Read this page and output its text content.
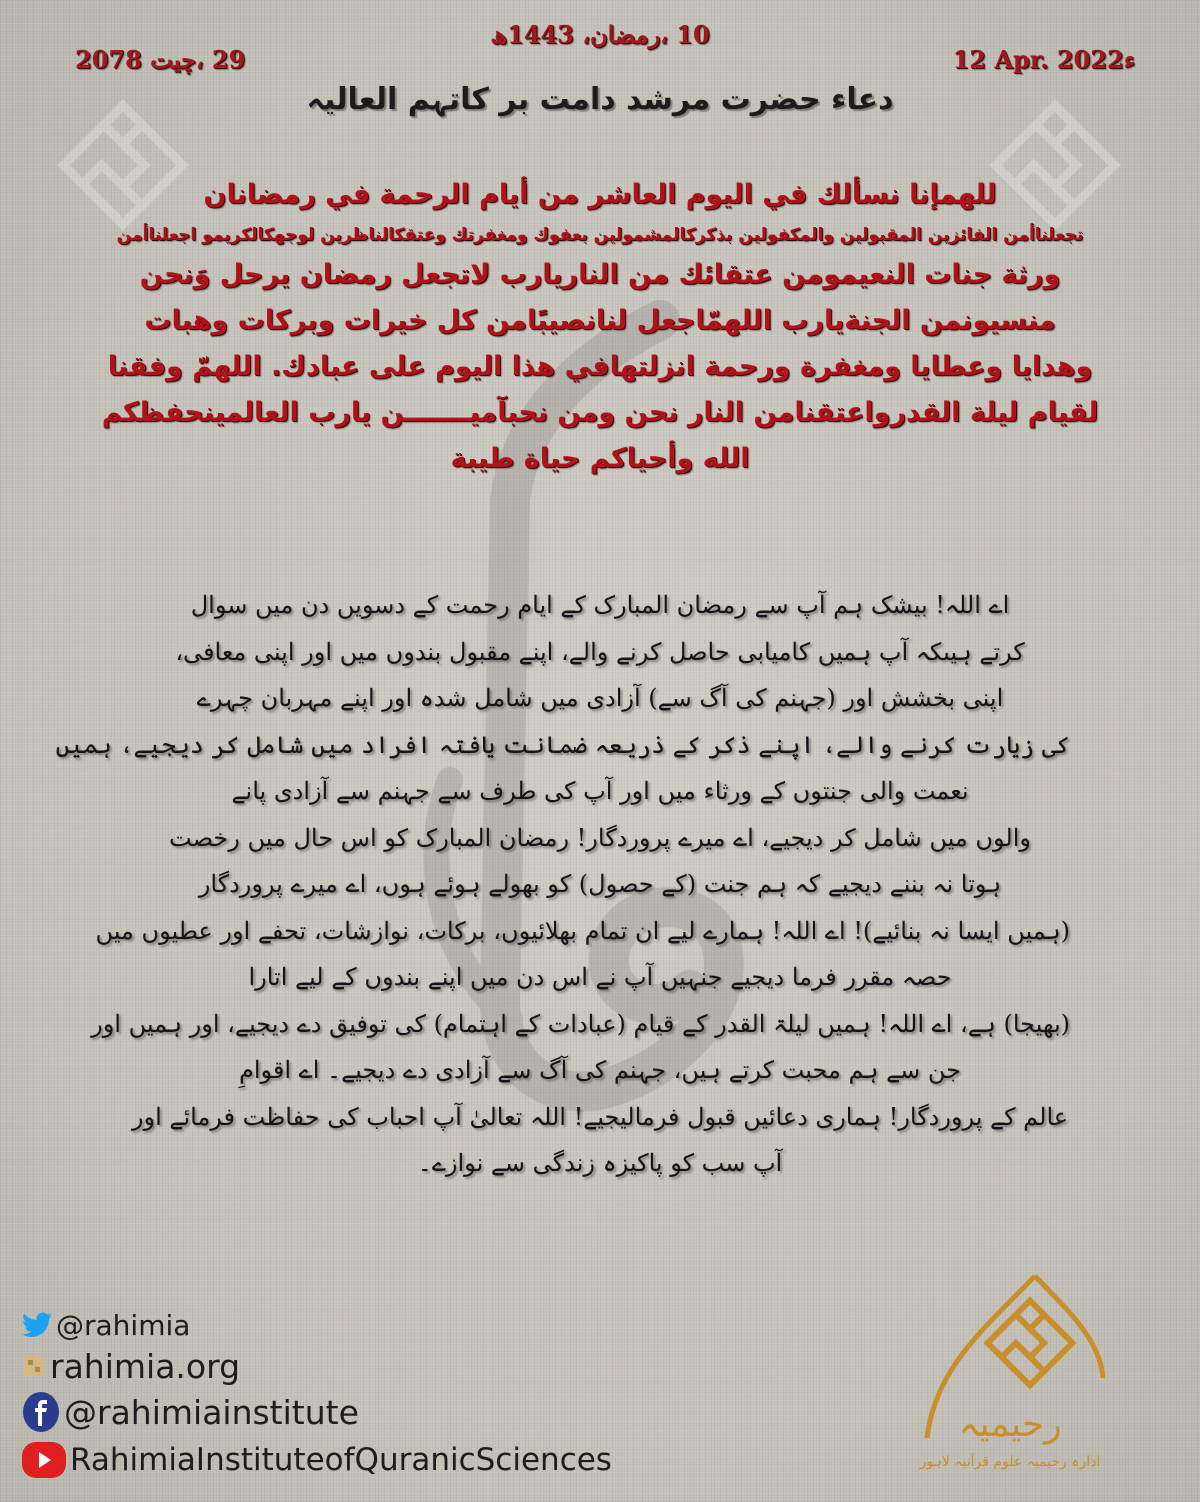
10 ،رمضان، 1443ھ
29 ،چیت 2078	12 Apr. 2022ء
دعاء حضرت مرشد دامت بر کاتہم العالیہ
للهمإنا نسألك في اليوم العاشر من أيام الرحمة في رمضانان
تجعلناأمن الفائزين المقبولين والمكفولين بذكركالمشمولين بعفوك ومغفرتك وعتقكالناظرين لوجهكالكريمو اجعلناأمن
ورثة جنات النعيمومن عتقائك من الناريارب لاتجعل رمضان يرحل وَنحن
منسيونمن الجنةيارب اللهمّاجعل لنانصيبًامن كل خيرات وبركات وهبات
وهدايا وعطايا ومغفرة ورحمة انزلتهافي هذا اليوم على عبادك. اللهمّ وفقنا
لقيام ليلة القدرواعتقنامن النار نحن ومن نحبآميـــــــن يارب العالمينحفظكم
الله وأحياكم حياة طيبة
اے اللہ! بیشک ہم آپ سے رمضان المبارک کے ایام رحمت کے دسویں دن میں سوال
کرتے ہیںکہ آپ ہمیں کامیابی حاصل کرنے والے، اپنے مقبول بندوں میں اور اپنی معافی،
اپنی بخشش اور (جہنم کی آگ سے) آزادی میں شامل شدہ اور اپنے مہربان چہرے
کی زیارت کرنے والے، اپنے ذکر کے ذریعہ ضمانت یافتہ افراد میں شامل کر دیجیے، ہمیں
نعمت والی جنتوں کے ورثاء میں اور آپ کی طرف سے جہنم سے آزادی پانے
والوں میں شامل کر دیجیے، اے میرے پروردگار! رمضان المبارک کو اس حال میں رخصت
ہوتا نہ بننے دیجیے کہ ہم جنت (کے حصول) کو بھولے ہوئے ہوں، اے میرے پروردگار
(ہمیں ایسا نہ بنائیے)! اے اللہ! ہمارے لیے ان تمام بھلائیوں، برکات، نوازشات، تحفے اور عطیوں میں
حصہ مقرر فرما دیجیے جنہیں آپ نے اس دن میں اپنے بندوں کے لیے اتارا
(بھیجا) ہے، اے اللہ! ہمیں لیلۃ القدر کے قیام (عبادات کے اہتمام) کی توفیق دے دیجیے، اور ہمیں اور
جن سے ہم محبت کرتے ہیں، جہنم کی آگ سے آزادی دے دیجیے۔ اے اقوامِ
عالم کے پروردگار! ہماری دعائیں قبول فرمالیجیے! اللہ تعالیٰ آپ احباب کی حفاظت فرمائے اور
آپ سب کو پاکیزہ زندگی سے نوازے۔
@rahimia
rahimia.org
@rahimiainstitute
RahimiaInstituteofQuranicSciences
رحیمیہ
ادارہ رحیمیہ علوم قرآنیہ لاہور
